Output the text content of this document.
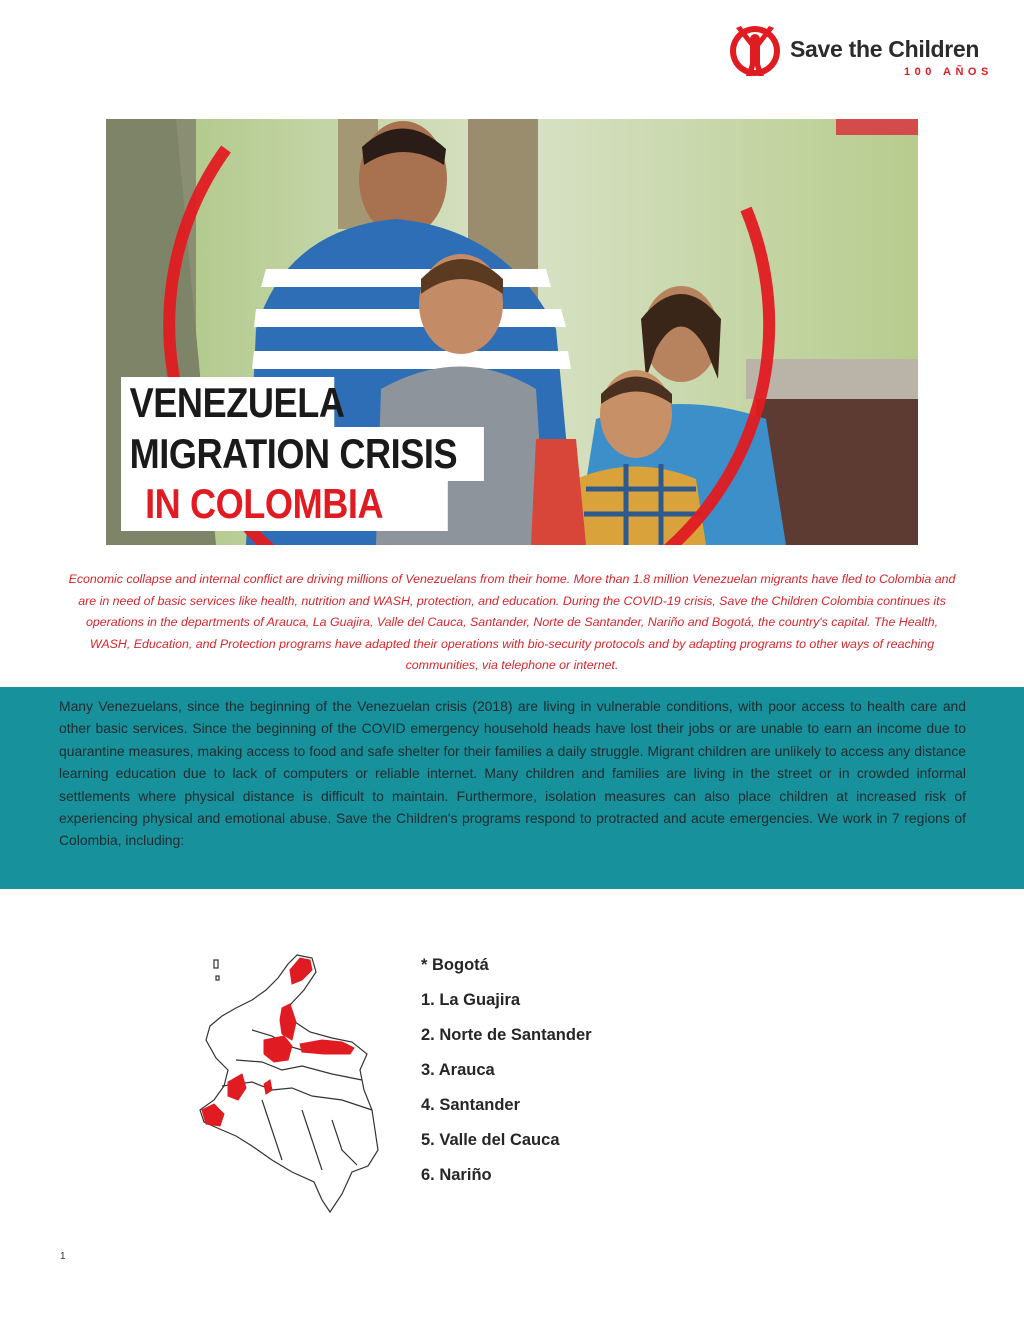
Save the Children
100 AÑOS
VENEZUELA
MIGRATION CRISIS
IN COLOMBIA
Economic collapse and internal conflict are driving millions of Venezuelans from their home. More than 1.8 million Venezuelan migrants have fled to Colombia and are in need of basic services like health, nutrition and WASH, protection, and education. During the COVID-19 crisis, Save the Children Colombia continues its operations in the departments of Arauca, La Guajira, Valle del Cauca, Santander, Norte de Santander, Nariño and Bogotá, the country's capital. The Health, WASH, Education, and Protection programs have adapted their operations with bio-security protocols and by adapting programs to other ways of reaching communities, via telephone or internet.
Many Venezuelans, since the beginning of the Venezuelan crisis (2018) are living in vulnerable conditions, with poor access to health care and other basic services. Since the beginning of the COVID emergency household heads have lost their jobs or are unable to earn an income due to quarantine measures, making access to food and safe shelter for their families a daily struggle. Migrant children are unlikely to access any distance learning education due to lack of computers or reliable internet. Many children and families are living in the street or in crowded informal settlements where physical distance is difficult to maintain. Furthermore, isolation measures can also place children at increased risk of experiencing physical and emotional abuse. Save the Children's programs respond to protracted and acute emergencies. We work in 7 regions of Colombia, including:
* Bogotá
1. La Guajira
2. Norte de Santander
3. Arauca
4. Santander
5. Valle del Cauca
6. Nariño
1
